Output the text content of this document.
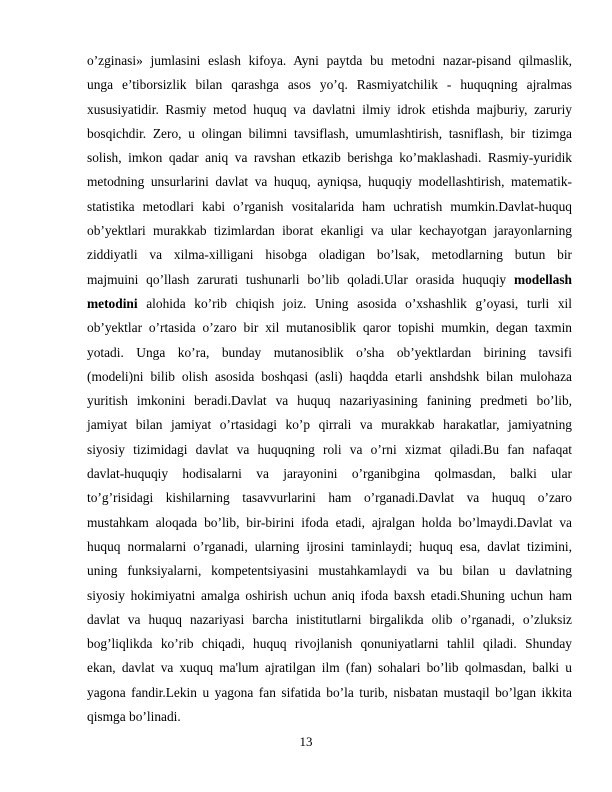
o’zginasi» jumlasini eslash kifoya. Ayni paytda bu metodni nazar-pisand qilmaslik,
unga e’tiborsizlik bilan qarashga asos yo’q. Rasmiyatchilik - huquqning ajralmas
xususiyatidir. Rasmiy metod huquq va davlatni ilmiy idrok etishda majburiy, zaruriy
bosqichdir. Zero, u olingan bilimni tavsiflash, umumlashtirish, tasniflash, bir tizimga
solish, imkon qadar aniq va ravshan etkazib berishga ko’maklashadi. Rasmiy-yuridik
metodning unsurlarini davlat va huquq, ayniqsa, huquqiy modellashtirish, matematik-
statistika metodlari kabi o’rganish vositalarida ham uchratish mumkin.Davlat-huquq
ob’yektlari murakkab tizimlardan iborat ekanligi va ular kechayotgan jarayonlarning
ziddiyatli va xilma-xilligani hisobga oladigan bo’lsak, metodlarning butun bir
majmuini qo’llash zarurati tushunarli bo’lib qoladi.Ular orasida huquqiy modellash
metodini alohida ko’rib chiqish joiz. Uning asosida o’xshashlik g’oyasi, turli xil
ob’yektlar o’rtasida o’zaro bir xil mutanosiblik qaror topishi mumkin, degan taxmin
yotadi. Unga ko’ra, bunday mutanosiblik o’sha ob’yektlardan birining tavsifi
(modeli)ni bilib olish asosida boshqasi (asli) haqdda etarli anshdshk bilan mulohaza
yuritish imkonini beradi.Davlat va huquq nazariyasining fanining predmeti bo’lib,
jamiyat bilan jamiyat o’rtasidagi ko’p qirrali va murakkab harakatlar, jamiyatning
siyosiy tizimidagi davlat va huquqning roli va o’rni xizmat qiladi.Bu fan nafaqat
davlat-huquqiy hodisalarni va jarayonini o’rganibgina qolmasdan, balki ular
to’g’risidagi kishilarning tasavvurlarini ham o’rganadi.Davlat va huquq o’zaro
mustahkam aloqada bo’lib, bir-birini ifoda etadi, ajralgan holda bo’lmaydi.Davlat va
huquq normalarni o’rganadi, ularning ijrosini taminlaydi; huquq esa, davlat tizimini,
uning funksiyalarni, kompetentsiyasini mustahkamlaydi va bu bilan u davlatning
siyosiy hokimiyatni amalga oshirish uchun aniq ifoda baxsh etadi.Shuning uchun ham
davlat va huquq nazariyasi barcha inistitutlarni birgalikda olib o’rganadi, o’zluksiz
bog’liqlikda ko’rib chiqadi, huquq rivojlanish qonuniyatlarni tahlil qiladi. Shunday
ekan, davlat va xuquq ma'lum ajratilgan ilm (fan) sohalari bo’lib qolmasdan, balki u
yagona fandir.Lekin u yagona fan sifatida bo’la turib, nisbatan mustaqil bo’lgan ikkita
qismga bo’linadi.
13
